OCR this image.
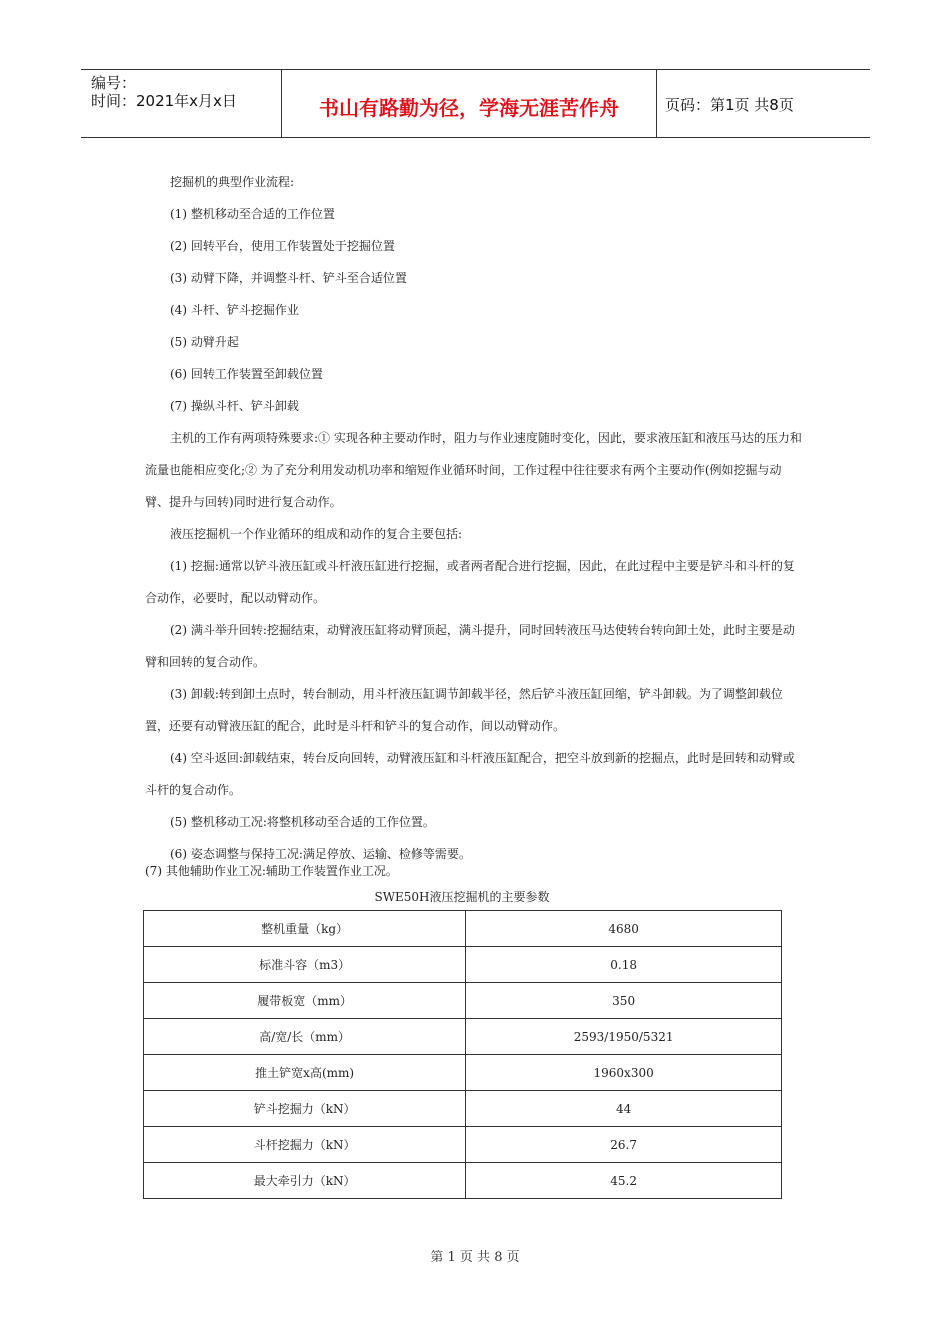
编号：
时间：2021年x月x日	书山有路勤为径，学海无涯苦作舟	页码：第1页 共8页

挖掘机的典型作业流程:

(1) 整机移动至合适的工作位置

(2) 回转平台，使用工作装置处于挖掘位置

(3) 动臂下降，并调整斗杆、铲斗至合适位置

(4) 斗杆、铲斗挖掘作业

(5) 动臂升起

(6) 回转工作装置至卸载位置

(7) 操纵斗杆、铲斗卸载

主机的工作有两项特殊要求:① 实现各种主要动作时，阻力与作业速度随时变化，因此，要求液压缸和液压马达的压力和流量也能相应变化;② 为了充分利用发动机功率和缩短作业循环时间，工作过程中往往要求有两个主要动作(例如挖掘与动臂、提升与回转)同时进行复合动作。

液压挖掘机一个作业循环的组成和动作的复合主要包括:

(1) 挖掘:通常以铲斗液压缸或斗杆液压缸进行挖掘，或者两者配合进行挖掘，因此，在此过程中主要是铲斗和斗杆的复合动作，必要时，配以动臂动作。

(2) 满斗举升回转:挖掘结束，动臂液压缸将动臂顶起，满斗提升，同时回转液压马达使转台转向卸土处，此时主要是动臂和回转的复合动作。

(3) 卸载:转到卸土点时，转台制动，用斗杆液压缸调节卸载半径，然后铲斗液压缸回缩，铲斗卸载。为了调整卸载位置，还要有动臂液压缸的配合，此时是斗杆和铲斗的复合动作，间以动臂动作。

(4) 空斗返回:卸载结束，转台反向回转，动臂液压缸和斗杆液压缸配合，把空斗放到新的挖掘点，此时是回转和动臂或斗杆的复合动作。

(5) 整机移动工况:将整机移动至合适的工作位置。

(6) 姿态调整与保持工况:满足停放、运输、检修等需要。

(7) 其他辅助作业工况:辅助工作装置作业工况。
SWE50H液压挖掘机的主要参数
整机重量（kg）	4680
标准斗容（m3）	0.18
履带板宽（mm）	350
高/宽/长（mm）	2593/1950/5321
推土铲宽x高(mm)	1960x300
铲斗挖掘力（kN）	44
斗杆挖掘力（kN）	26.7
最大牵引力（kN）	45.2
第 1 页 共 8 页
